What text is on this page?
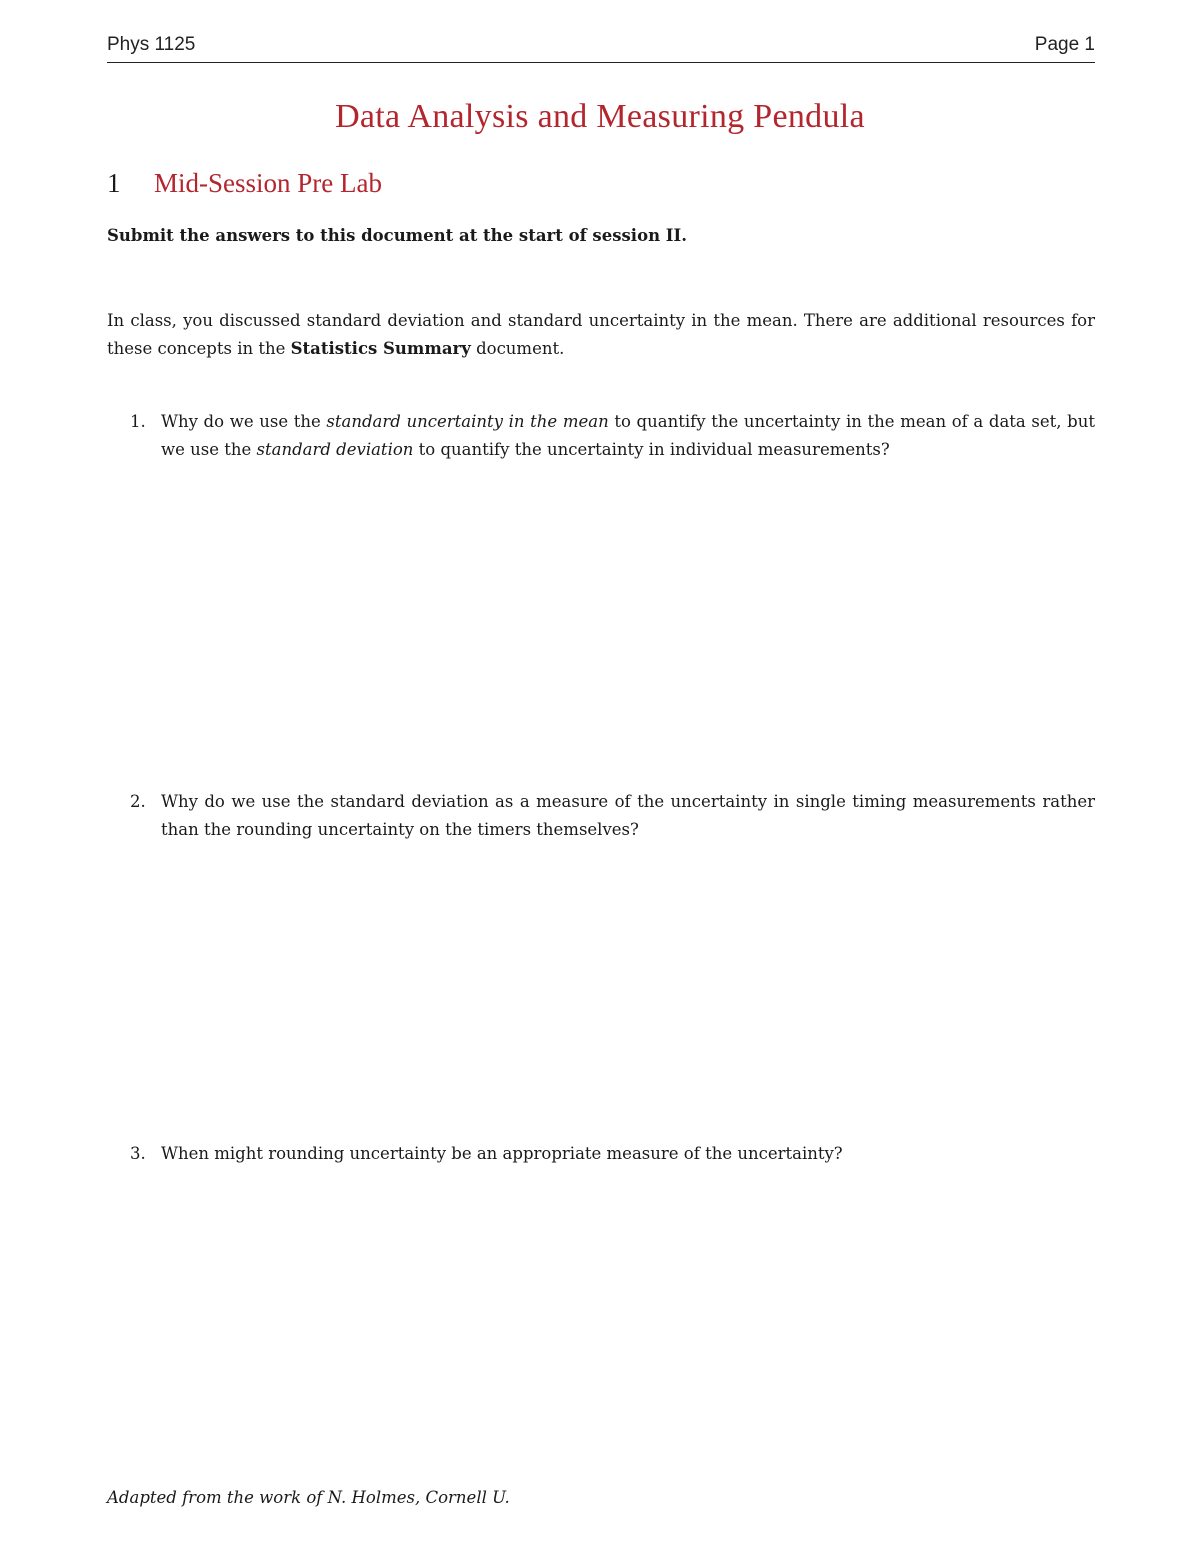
Phys 1125	Page 1
Data Analysis and Measuring Pendula
1 Mid-Session Pre Lab
Submit the answers to this document at the start of session II.
In class, you discussed standard deviation and standard uncertainty in the mean. There are additional resources for these concepts in the Statistics Summary document.
1. Why do we use the standard uncertainty in the mean to quantify the uncertainty in the mean of a data set, but we use the standard deviation to quantify the uncertainty in individual measurements?
2. Why do we use the standard deviation as a measure of the uncertainty in single timing measurements rather than the rounding uncertainty on the timers themselves?
3. When might rounding uncertainty be an appropriate measure of the uncertainty?
Adapted from the work of N. Holmes, Cornell U.
